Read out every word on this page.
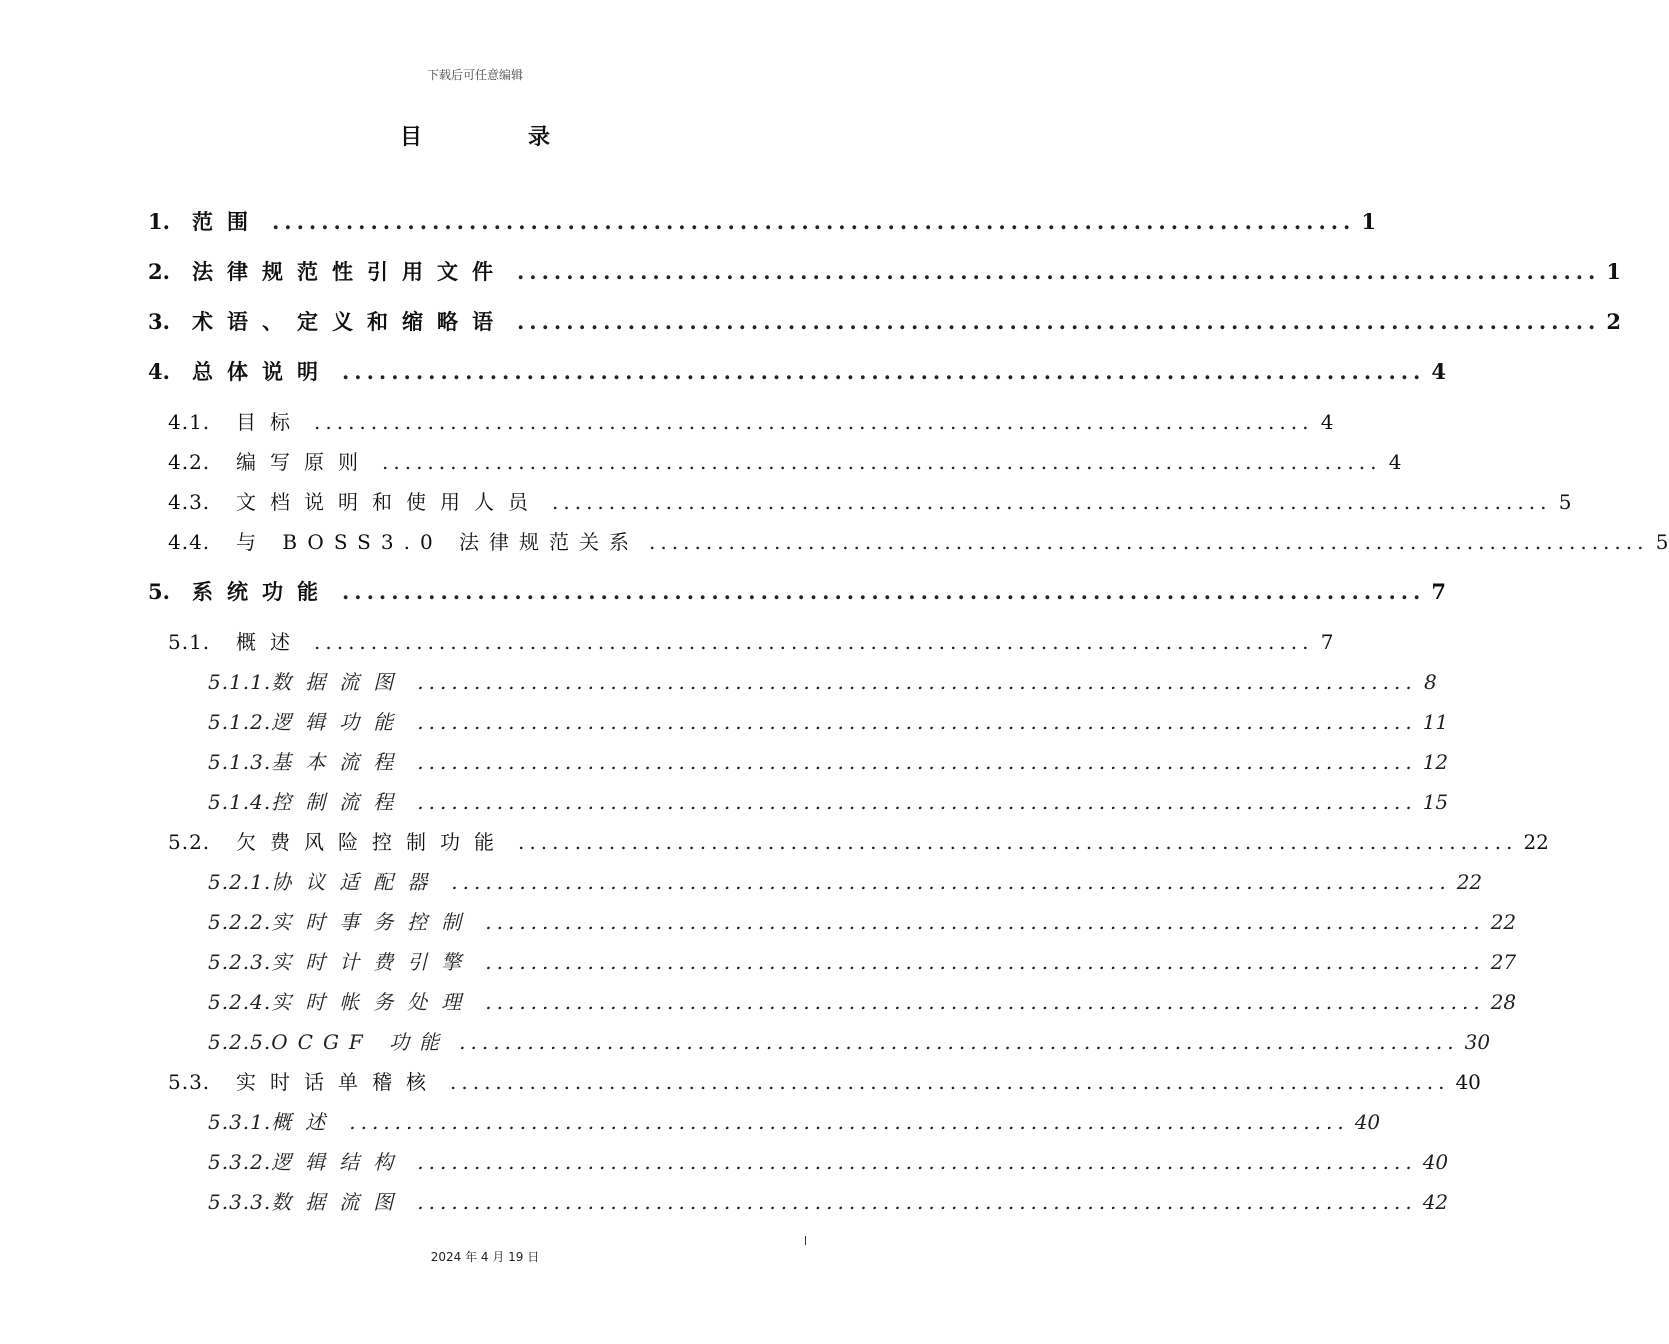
下载后可任意编辑
目　录
1.	范围 ........................................................................................ 1
2.	法律规范性引用文件 ........................................................................................ 1
3.	术语、定义和缩略语 ........................................................................................ 2
4.	总体说明 ........................................................................................ 4
4.1.	目标 ........................................................................................ 4
4.2.	编写原则 ........................................................................................ 4
4.3.	文档说明和使用人员 ........................................................................................ 5
4.4.	与 BOSS3.0 法律规范关系 ........................................................................................ 5
5.	系统功能 ........................................................................................ 7
5.1.	概述 ........................................................................................ 7
5.1.1. 数据流图 ........................................................................................ 8
5.1.2. 逻辑功能 ........................................................................................ 11
5.1.3. 基本流程 ........................................................................................ 12
5.1.4. 控制流程 ........................................................................................ 15
5.2.	欠费风险控制功能 ........................................................................................ 22
5.2.1. 协议适配器 ........................................................................................ 22
5.2.2. 实时事务控制 ........................................................................................ 22
5.2.3. 实时计费引擎 ........................................................................................ 27
5.2.4. 实时帐务处理 ........................................................................................ 28
5.2.5. OCGF 功能 ........................................................................................ 30
5.3.	实时话单稽核 ........................................................................................ 40
5.3.1. 概述 ........................................................................................ 40
5.3.2. 逻辑结构 ........................................................................................ 40
5.3.3. 数据流图 ........................................................................................ 42
2024 年 4 月 19 日
